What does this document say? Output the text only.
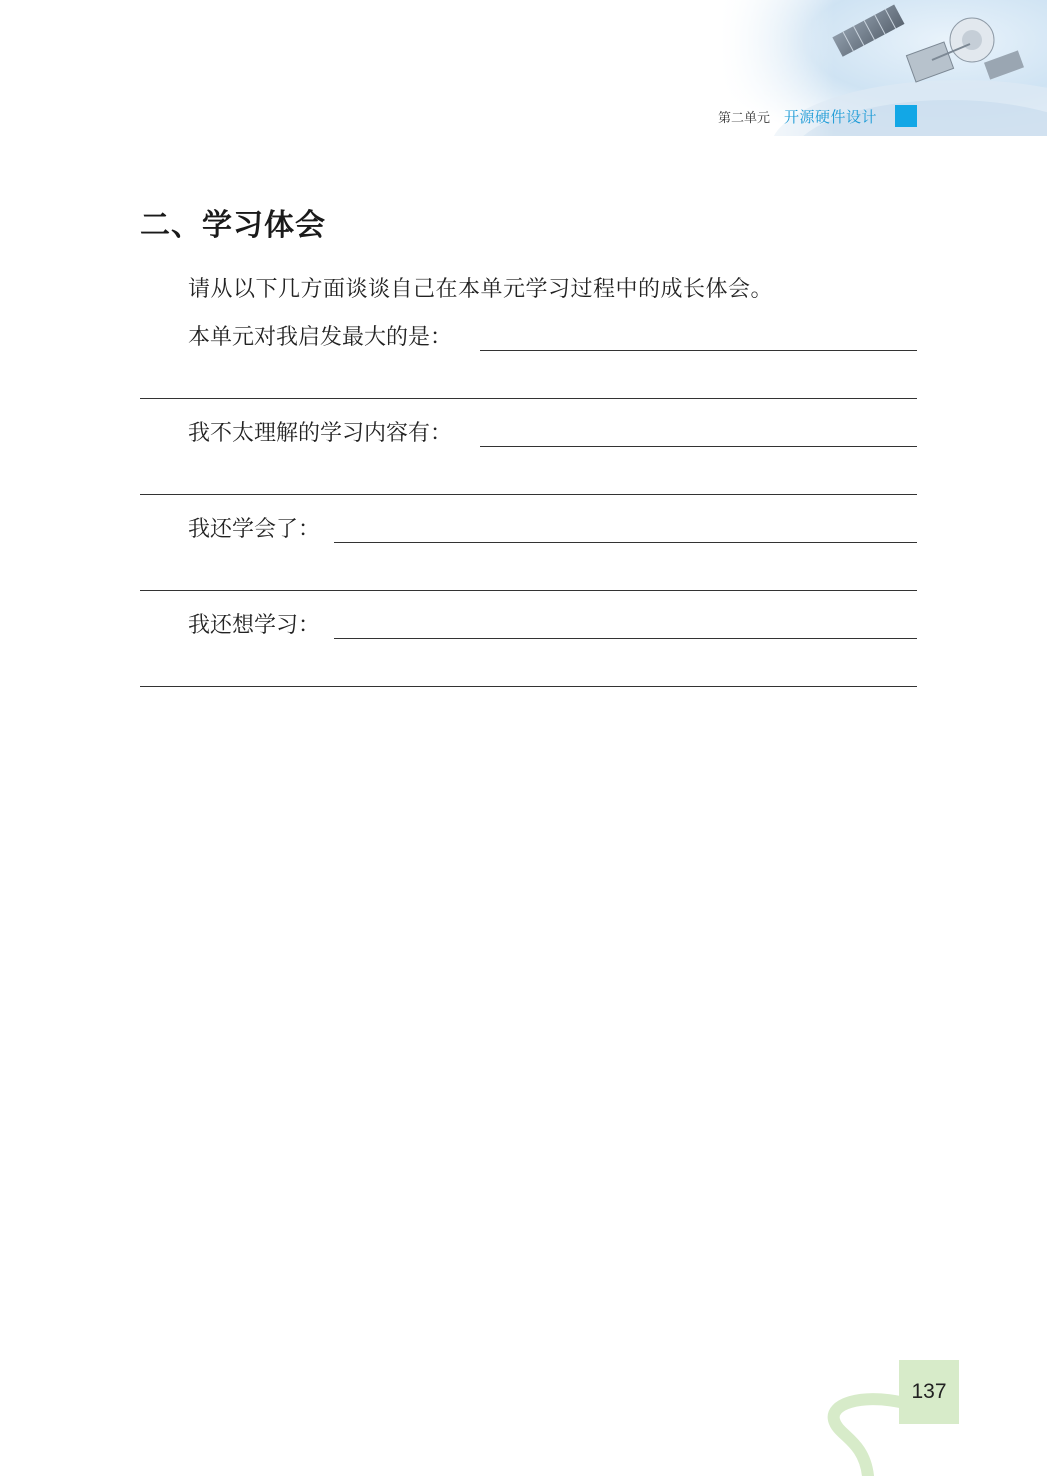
第二单元 开源硬件设计
二、学习体会
请从以下几方面谈谈自己在本单元学习过程中的成长体会。
本单元对我启发最大的是：
我不太理解的学习内容有：
我还学会了：
我还想学习：
137
